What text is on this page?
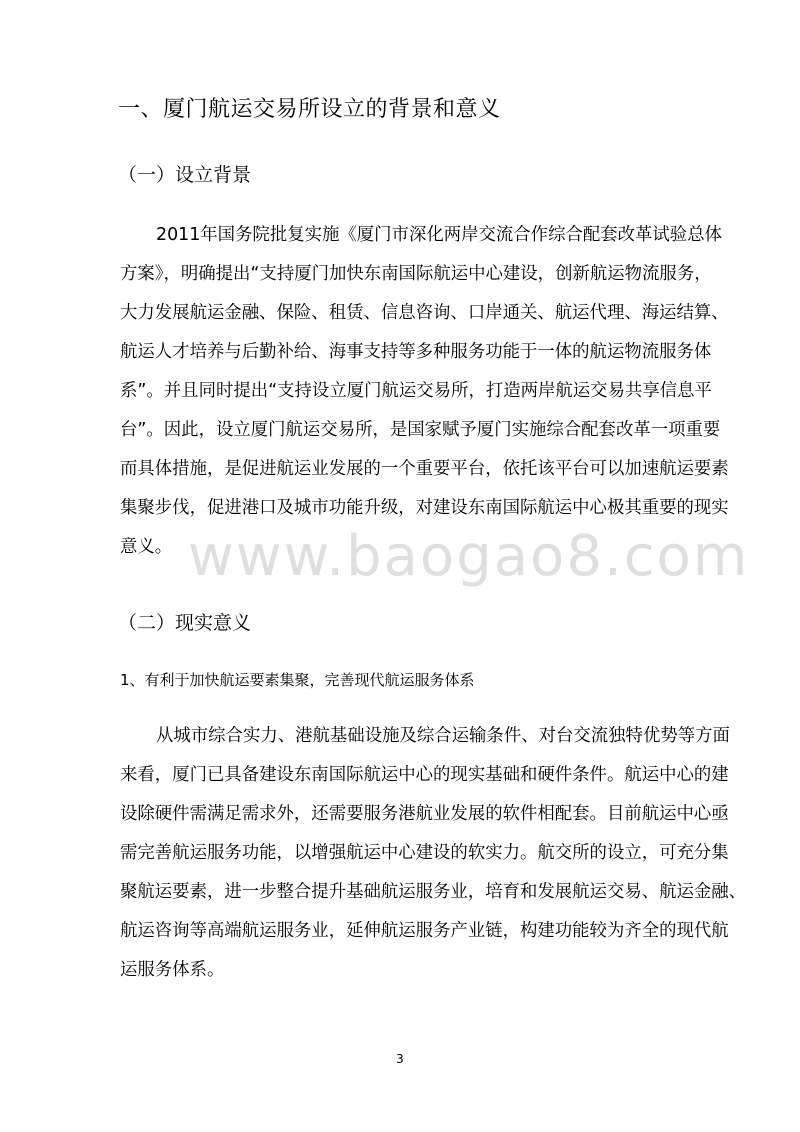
一、厦门航运交易所设立的背景和意义
（一）设立背景
2011年国务院批复实施《厦门市深化两岸交流合作综合配套改革试验总体
方案》，明确提出“支持厦门加快东南国际航运中心建设，创新航运物流服务，
大力发展航运金融、保险、租赁、信息咨询、口岸通关、航运代理、海运结算、
航运人才培养与后勤补给、海事支持等多种服务功能于一体的航运物流服务体
系”。并且同时提出“支持设立厦门航运交易所，打造两岸航运交易共享信息平
台”。因此，设立厦门航运交易所，是国家赋予厦门实施综合配套改革一项重要
而具体措施，是促进航运业发展的一个重要平台，依托该平台可以加速航运要素
集聚步伐，促进港口及城市功能升级，对建设东南国际航运中心极其重要的现实
意义。 www.baogao8.com
（二）现实意义
1、有利于加快航运要素集聚，完善现代航运服务体系
从城市综合实力、港航基础设施及综合运输条件、对台交流独特优势等方面
来看，厦门已具备建设东南国际航运中心的现实基础和硬件条件。航运中心的建
设除硬件需满足需求外，还需要服务港航业发展的软件相配套。目前航运中心亟
需完善航运服务功能，以增强航运中心建设的软实力。航交所的设立，可充分集
聚航运要素，进一步整合提升基础航运服务业，培育和发展航运交易、航运金融、
航运咨询等高端航运服务业，延伸航运服务产业链，构建功能较为齐全的现代航
运服务体系。
3
